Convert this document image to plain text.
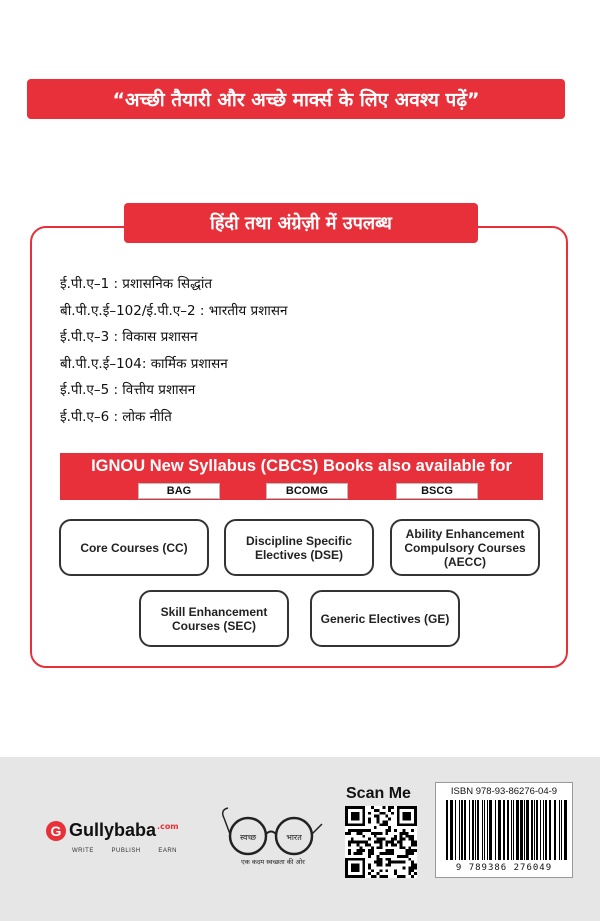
“अच्छी तैयारी और अच्छे मार्क्स के लिए अवश्य पढ़ें”
हिंदी तथा अंग्रेज़ी में उपलब्ध
ई.पी.ए–1 : प्रशासनिक सिद्धांत
बी.पी.ए.ई–102/ई.पी.ए–2 : भारतीय प्रशासन
ई.पी.ए–3 : विकास प्रशासन
बी.पी.ए.ई–104: कार्मिक प्रशासन
ई.पी.ए–5 : वित्तीय प्रशासन
ई.पी.ए–6 : लोक नीति
IGNOU New Syllabus (CBCS) Books also available for
BAG	BCOMG	BSCG
Core Courses (CC)	Discipline Specific Electives (DSE)
Ability Enhancement Compulsory Courses (AECC)
Skill Enhancement Courses (SEC)	Generic Electives (GE)
G Gullybaba .com
WRITE	PUBLISH	EARN
स्वच्छ	भारत
एक कदम स्वच्छता की ओर
Scan Me	ISBN 978-93-86276-04-9
9 789386 276049
